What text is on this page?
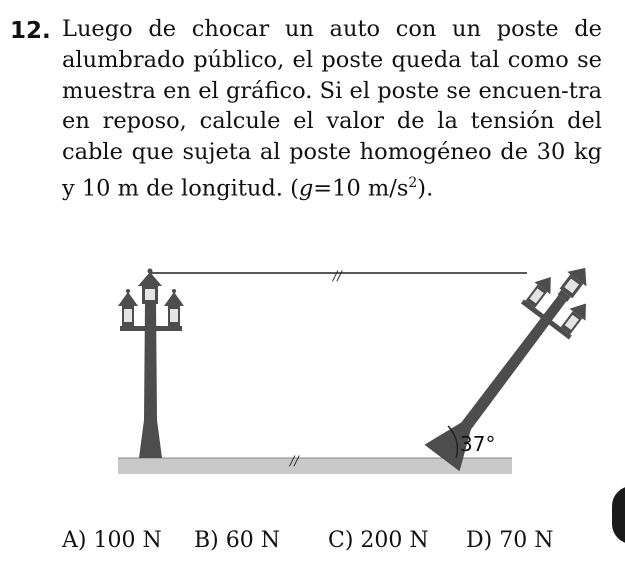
12. Luego de chocar un auto con un poste de alumbrado público, el poste queda tal como se muestra en el gráfico. Si el poste se encuen-tra en reposo, calcule el valor de la tensión del cable que sujeta al poste homogéneo de 30 kg y 10 m de longitud. (g=10 $m/s^2$).
//
//
37°
A) 100 N B) 60 N C) 200 N D) 70 N
